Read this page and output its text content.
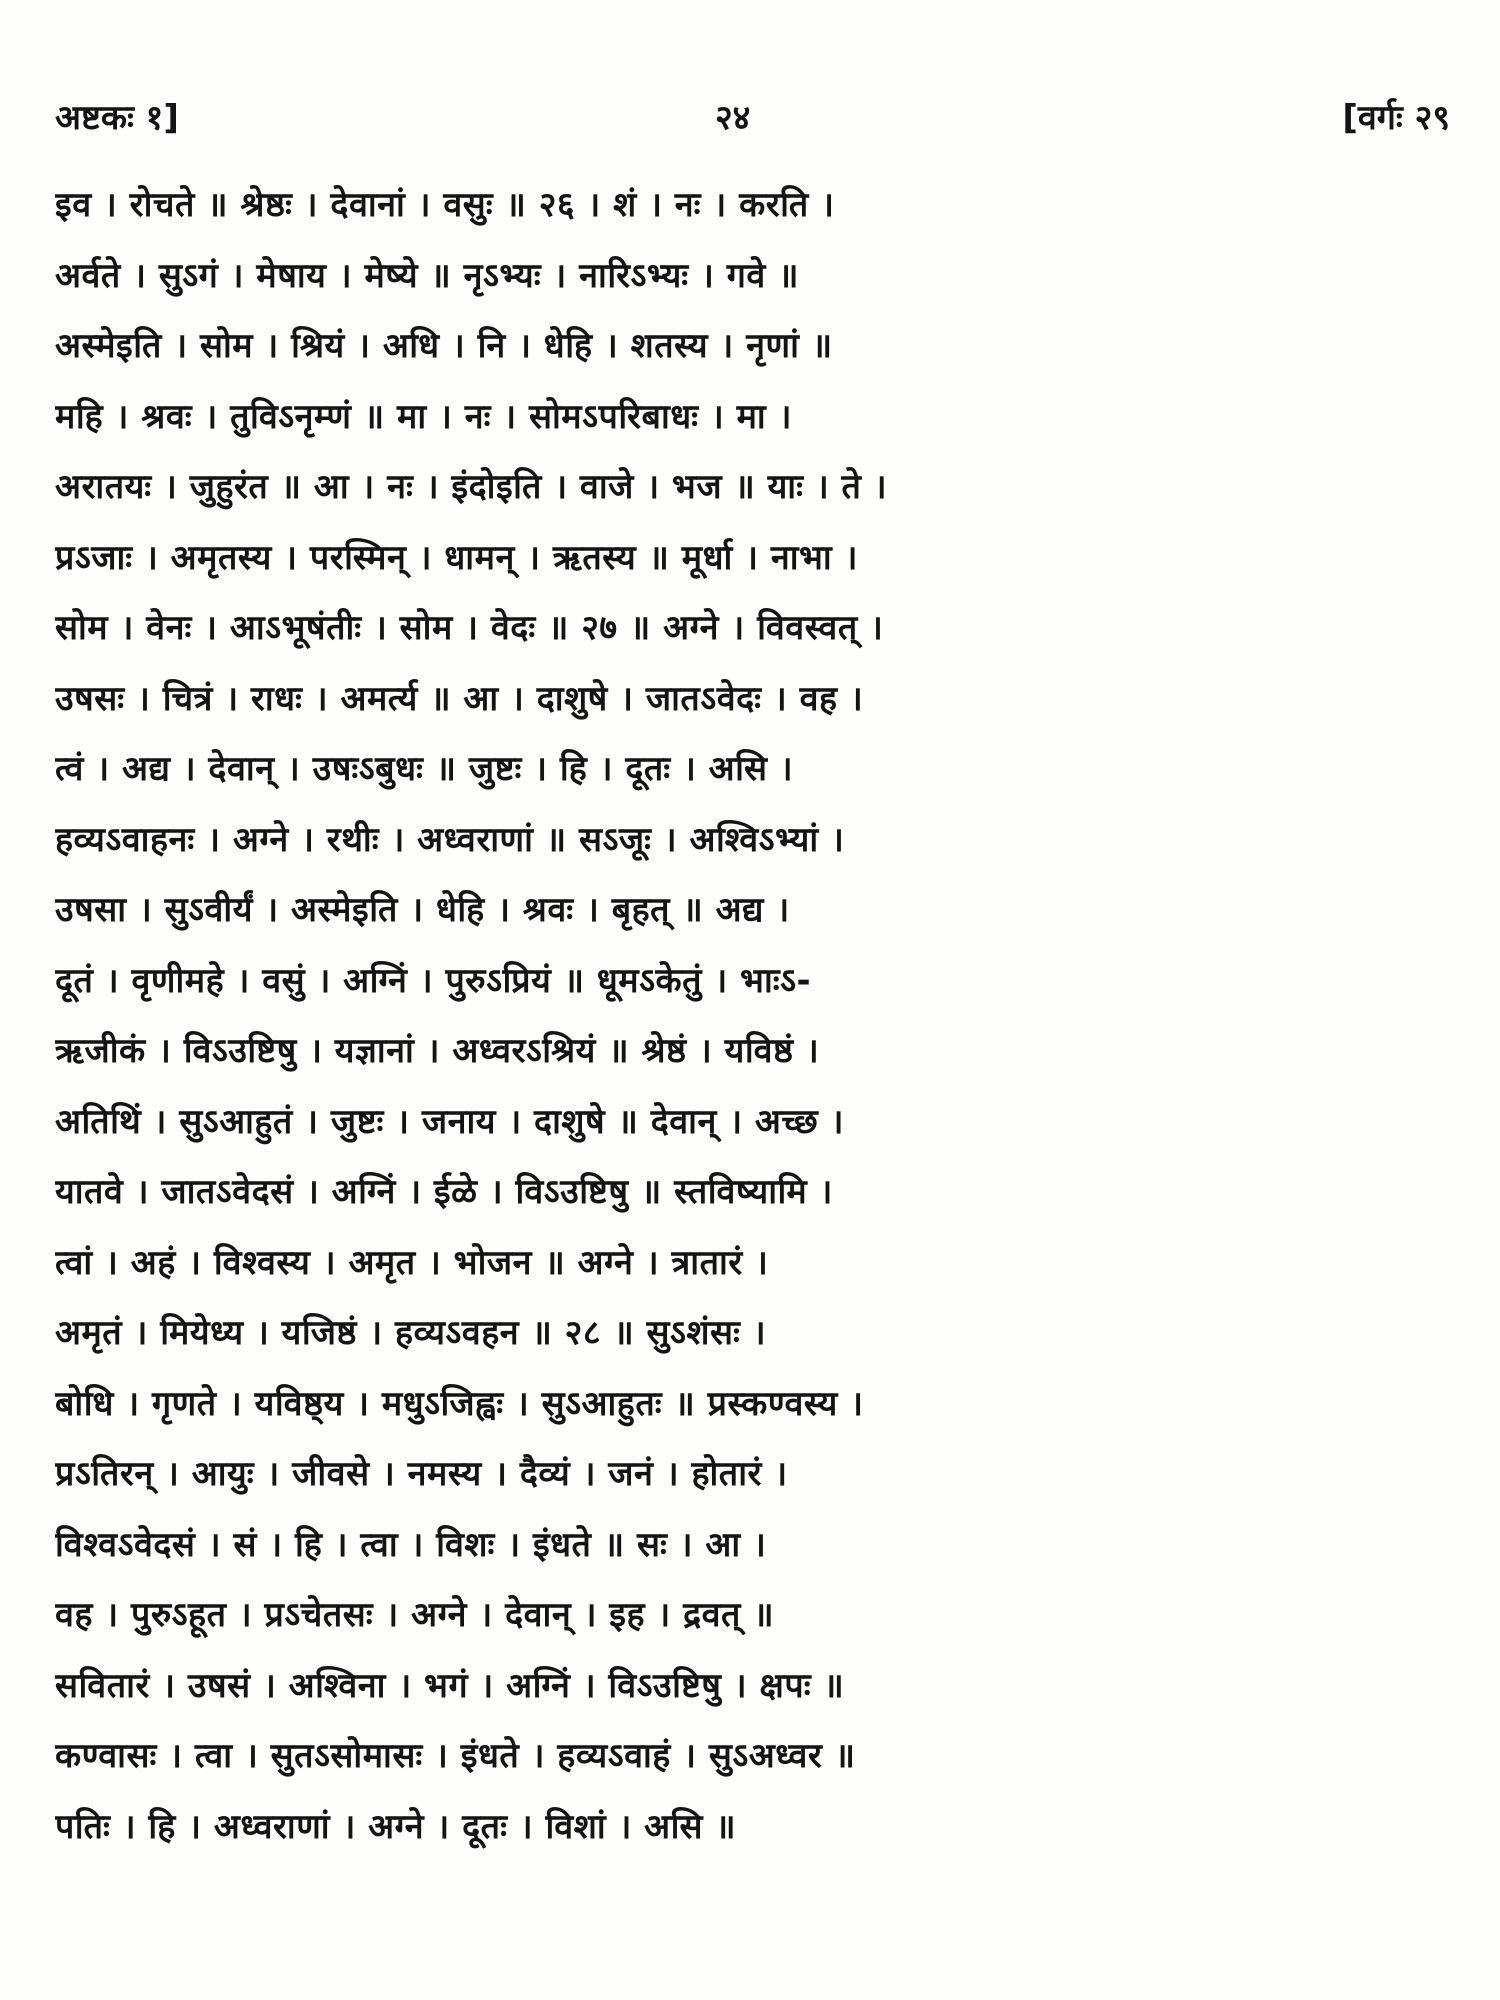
अष्टकः १]	२४	[वर्गः २९
इव । रोचते ॥ श्रेष्ठः । देवानां । वसुः ॥ २६ । शं । नः । करति ।
अर्वते । सुऽगं । मेषाय । मेष्ये ॥ नृऽभ्यः । नारिऽभ्यः । गवे ॥
अस्मेइति । सोम । श्रियं । अधि । नि । धेहि । शतस्य । नृणां ॥
महि । श्रवः । तुविऽनृम्णं ॥ मा । नः । सोमऽपरिबाधः । मा ।
अरातयः । जुहुरंत ॥ आ । नः । इंदोइति । वाजे । भज ॥ याः । ते ।
प्रऽजाः । अमृतस्य । परस्मिन् । धामन् । ऋतस्य ॥ मूर्धा । नाभा ।
सोम । वेनः । आऽभूषंतीः । सोम । वेदः ॥ २७ ॥ अग्ने । विवस्वत् ।
उषसः । चित्रं । राधः । अमर्त्य ॥ आ । दाशुषे । जातऽवेदः । वह ।
त्वं । अद्य । देवान् । उषःऽबुधः ॥ जुष्टः । हि । दूतः । असि ।
हव्यऽवाहनः । अग्ने । रथीः । अध्वराणां ॥ सऽजूः । अश्विऽभ्यां ।
उषसा । सुऽवीर्यं । अस्मेइति । धेहि । श्रवः । बृहत् ॥ अद्य ।
दूतं । वृणीमहे । वसुं । अग्निं । पुरुऽप्रियं ॥ धूमऽकेतुं । भाःऽ-
ऋजीकं । विऽउष्टिषु । यज्ञानां । अध्वरऽश्रियं ॥ श्रेष्ठं । यविष्ठं ।
अतिथिं । सुऽआहुतं । जुष्टः । जनाय । दाशुषे ॥ देवान् । अच्छ ।
यातवे । जातऽवेदसं । अग्निं । ईळे । विऽउष्टिषु ॥ स्तविष्यामि ।
त्वां । अहं । विश्वस्य । अमृत । भोजन ॥ अग्ने । त्रातारं ।
अमृतं । मियेध्य । यजिष्ठं । हव्यऽवहन ॥ २८ ॥ सुऽशंसः ।
बोधि । गृणते । यविष्ठ्य । मधुऽजिह्वः । सुऽआहुतः ॥ प्रस्कण्वस्य ।
प्रऽतिरन् । आयुः । जीवसे । नमस्य । दैव्यं । जनं । होतारं ।
विश्वऽवेदसं । सं । हि । त्वा । विशः । इंधते ॥ सः । आ ।
वह । पुरुऽहूत । प्रऽचेतसः । अग्ने । देवान् । इह । द्रवत् ॥
सवितारं । उषसं । अश्विना । भगं । अग्निं । विऽउष्टिषु । क्षपः ॥
कण्वासः । त्वा । सुतऽसोमासः । इंधते । हव्यऽवाहं । सुऽअध्वर ॥
पतिः । हि । अध्वराणां । अग्ने । दूतः । विशां । असि ॥
